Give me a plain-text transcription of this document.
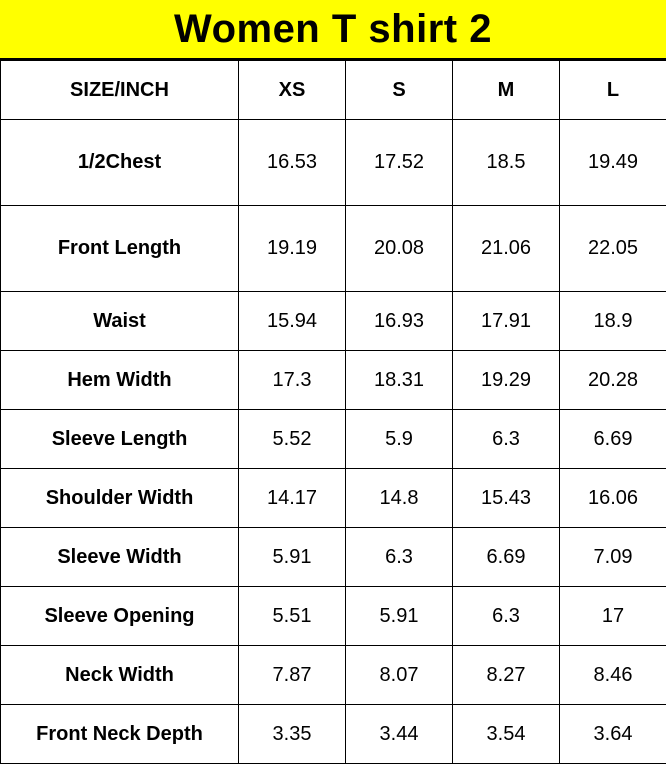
Women T shirt 2
SIZE/INCH	XS	S	M	L
1/2Chest	16.53	17.52	18.5	19.49
Front Length	19.19	20.08	21.06	22.05
Waist	15.94	16.93	17.91	18.9
Hem Width	17.3	18.31	19.29	20.28
Sleeve Length	5.52	5.9	6.3	6.69
Shoulder Width	14.17	14.8	15.43	16.06
Sleeve Width	5.91	6.3	6.69	7.09
Sleeve Opening	5.51	5.91	6.3	17
Neck Width	7.87	8.07	8.27	8.46
Front Neck Depth	3.35	3.44	3.54	3.64
